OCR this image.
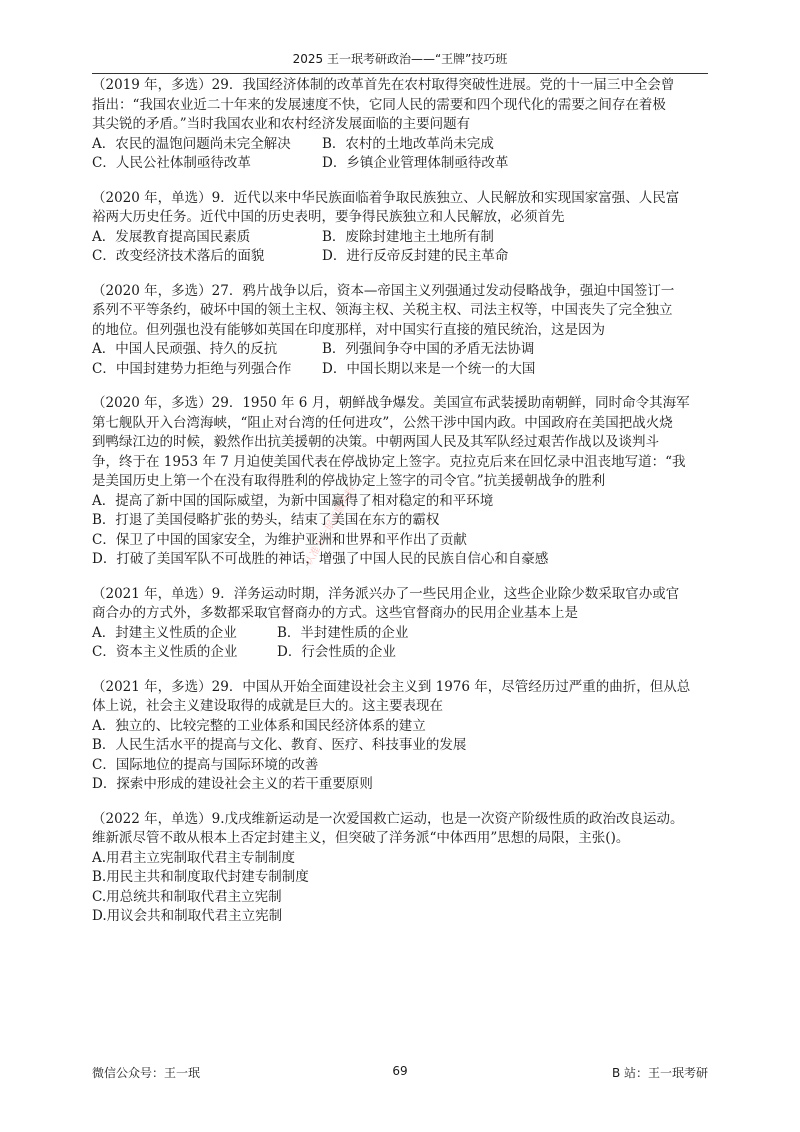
2025 王一珉考研政治——“王牌”技巧班

（2019 年，多选）29．我国经济体制的改革首先在农村取得突破性进展。党的十一届三中全会曾

指出：“我国农业近二十年来的发展速度不快，它同人民的需要和四个现代化的需要之间存在着极

其尖锐的矛盾。”当时我国农业和农村经济发展面临的主要问题有

A．农民的温饱问题尚未完全解决	B．农村的土地改革尚未完成
C．人民公社体制亟待改革	D．乡镇企业管理体制亟待改革

（2020 年，单选）9．近代以来中华民族面临着争取民族独立、人民解放和实现国家富强、人民富

裕两大历史任务。近代中国的历史表明，要争得民族独立和人民解放，必须首先

A．发展教育提高国民素质	B．废除封建地主土地所有制
C．改变经济技术落后的面貌	D．进行反帝反封建的民主革命

（2020 年，多选）27．鸦片战争以后，资本—帝国主义列强通过发动侵略战争，强迫中国签订一

系列不平等条约，破坏中国的领土主权、领海主权、关税主权、司法主权等，中国丧失了完全独立

的地位。但列强也没有能够如英国在印度那样，对中国实行直接的殖民统治，这是因为

A．中国人民顽强、持久的反抗	B．列强间争夺中国的矛盾无法协调
C．中国封建势力拒绝与列强合作	D．中国长期以来是一个统一的大国

（2020 年，多选）29．1950 年 6 月，朝鲜战争爆发。美国宣布武装援助南朝鲜，同时命令其海军

第七舰队开入台湾海峡，“阻止对台湾的任何进攻”，公然干涉中国内政。中国政府在美国把战火烧

到鸭绿江边的时候，毅然作出抗美援朝的决策。中朝两国人民及其军队经过艰苦作战以及谈判斗

争，终于在 1953 年 7 月迫使美国代表在停战协定上签字。克拉克后来在回忆录中沮丧地写道：“我

是美国历史上第一个在没有取得胜利的停战协定上签字的司令官。”抗美援朝战争的胜利

A．提高了新中国的国际威望，为新中国赢得了相对稳定的和平环境
B．打退了美国侵略扩张的势头，结束了美国在东方的霸权
C．保卫了中国的国家安全，为维护亚洲和世界和平作出了贡献
D．打破了美国军队不可战胜的神话，增强了中国人民的民族自信心和自豪感

（2021 年，单选）9．洋务运动时期，洋务派兴办了一些民用企业，这些企业除少数采取官办或官

商合办的方式外，多数都采取官督商办的方式。这些官督商办的民用企业基本上是

A．封建主义性质的企业	B．半封建性质的企业
C．资本主义性质的企业	D．行会性质的企业

（2021 年，多选）29．中国从开始全面建设社会主义到 1976 年，尽管经历过严重的曲折，但从总

体上说，社会主义建设取得的成就是巨大的。这主要表现在

A．独立的、比较完整的工业体系和国民经济体系的建立
B．人民生活水平的提高与文化、教育、医疗、科技事业的发展
C．国际地位的提高与国际环境的改善
D．探索中形成的建设社会主义的若干重要原则

（2022 年，单选）9.戊戌维新运动是一次爱国救亡运动，也是一次资产阶级性质的政治改良运动。

维新派尽管不敢从根本上否定封建主义，但突破了洋务派“中体西用”思想的局限，主张()。

A.用君主立宪制取代君主专制制度
B.用民主共和制度取代封建专制制度
C.用总统共和制取代君主立宪制
D.用议会共和制取代君主立宪制
认准王一珉正版资料
微信公众号：王一珉	69	B 站：王一珉考研
